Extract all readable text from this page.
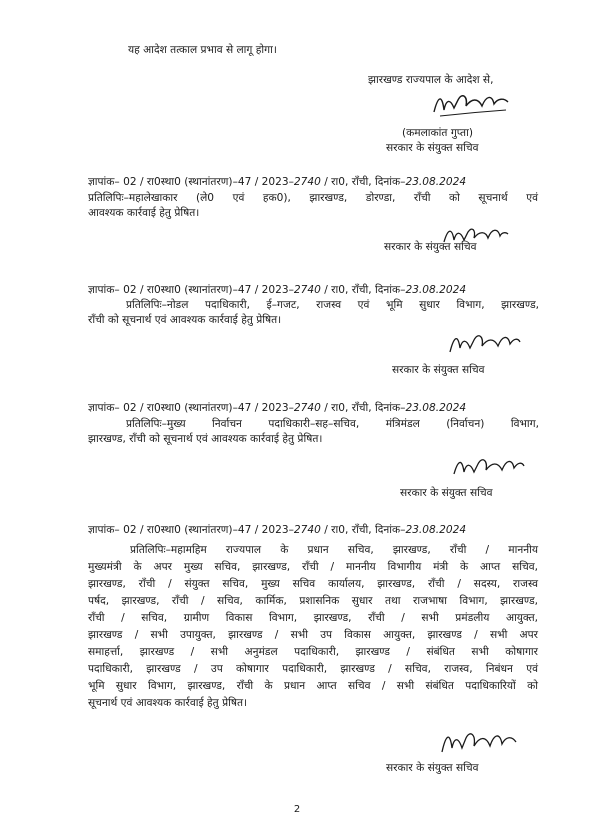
यह आदेश तत्काल प्रभाव से लागू होगा।
झारखण्ड राज्यपाल के आदेश से,
(कमलाकांत गुप्ता)
सरकार के संयुक्त सचिव
ज्ञापांक– 02 / रा0स्था0 (स्थानांतरण)–47 / 2023–2740 / रा0, राँची, दिनांक–23.08.2024
प्रतिलिपिः–महालेखाकार (ले0 एवं हक0), झारखण्ड, डोरण्डा, राँची को सूचनार्थ एवं
आवश्यक कार्रवाई हेतु प्रेषित।
सरकार के संयुक्त सचिव
ज्ञापांक– 02 / रा0स्था0 (स्थानांतरण)–47 / 2023–2740 / रा0, राँची, दिनांक–23.08.2024
प्रतिलिपिः–नोडल पदाधिकारी, ई–गजट, राजस्व एवं भूमि सुधार विभाग, झारखण्ड,
राँची को सूचनार्थ एवं आवश्यक कार्रवाई हेतु प्रेषित।
सरकार के संयुक्त सचिव
ज्ञापांक– 02 / रा0स्था0 (स्थानांतरण)–47 / 2023–2740 / रा0, राँची, दिनांक–23.08.2024
प्रतिलिपिः–मुख्य निर्वाचन पदाधिकारी–सह–सचिव, मंत्रिमंडल (निर्वाचन) विभाग,
झारखण्ड, राँची को सूचनार्थ एवं आवश्यक कार्रवाई हेतु प्रेषित।
सरकार के संयुक्त सचिव
ज्ञापांक– 02 / रा0स्था0 (स्थानांतरण)–47 / 2023–2740 / रा0, राँची, दिनांक–23.08.2024
प्रतिलिपिः–महामहिम राज्यपाल के प्रधान सचिव, झारखण्ड, राँची / माननीय
मुख्यमंत्री के अपर मुख्य सचिव, झारखण्ड, राँची / माननीय विभागीय मंत्री के आप्त सचिव,
झारखण्ड, राँची / संयुक्त सचिव, मुख्य सचिव कार्यालय, झारखण्ड, राँची / सदस्य, राजस्व
पर्षद, झारखण्ड, राँची / सचिव, कार्मिक, प्रशासनिक सुधार तथा राजभाषा विभाग, झारखण्ड,
राँची / सचिव, ग्रामीण विकास विभाग, झारखण्ड, राँची / सभी प्रमंडलीय आयुक्त,
झारखण्ड / सभी उपायुक्त, झारखण्ड / सभी उप विकास आयुक्त, झारखण्ड / सभी अपर
समाहर्त्ता, झारखण्ड / सभी अनुमंडल पदाधिकारी, झारखण्ड / संबंधित सभी कोषागार
पदाधिकारी, झारखण्ड / उप कोषागार पदाधिकारी, झारखण्ड / सचिव, राजस्व, निबंधन एवं
भूमि सुधार विभाग, झारखण्ड, राँची के प्रधान आप्त सचिव / सभी संबंधित पदाधिकारियों को
सूचनार्थ एवं आवश्यक कार्रवाई हेतु प्रेषित।
सरकार के संयुक्त सचिव
2
